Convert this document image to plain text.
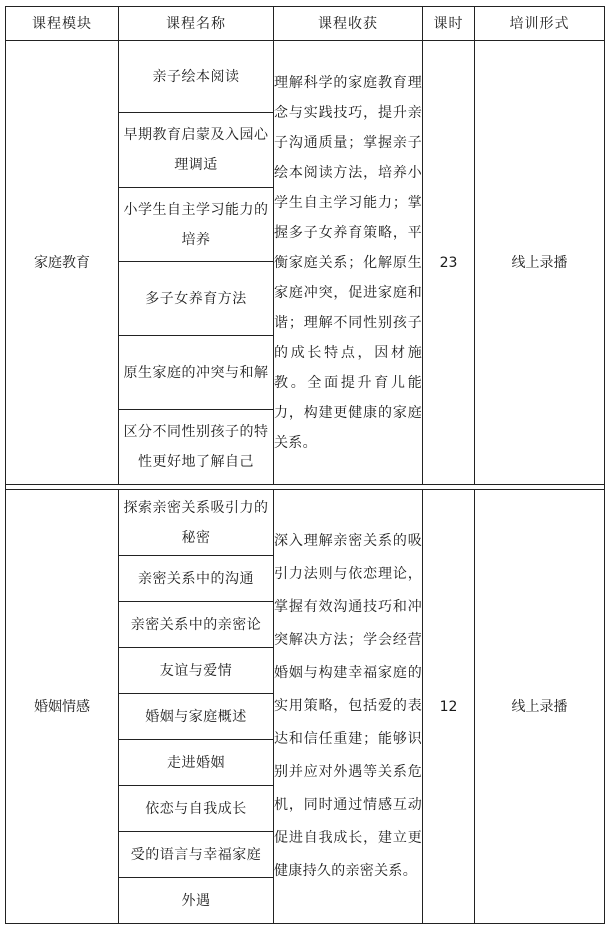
课程模块	课程名称	课程收获	课时	培训形式
家庭教育	亲子绘本阅读	理解科学的家庭教育理念与实践技巧，提升亲子沟通质量；掌握亲子绘本阅读方法，培养小学生自主学习能力；掌握多子女养育策略，平衡家庭关系；化解原生家庭冲突，促进家庭和谐；理解不同性别孩子的成长特点，因材施教。全面提升育儿能力，构建更健康的家庭关系。	23	线上录播
	早期教育启蒙及入园心理调适			
	小学生自主学习能力的培养			
	多子女养育方法			
	原生家庭的冲突与和解			
	区分不同性别孩子的特性更好地了解自己			

婚姻情感	探索亲密关系吸引力的秘密	深入理解亲密关系的吸引力法则与依恋理论，掌握有效沟通技巧和冲突解决方法；学会经营婚姻与构建幸福家庭的实用策略，包括爱的表达和信任重建；能够识别并应对外遇等关系危机，同时通过情感互动促进自我成长，建立更健康持久的亲密关系。	12	线上录播
	亲密关系中的沟通			
	亲密关系中的亲密论			
	友谊与爱情			
	婚姻与家庭概述			
	走进婚姻			
	依恋与自我成长			
	受的语言与幸福家庭			
	外遇			
